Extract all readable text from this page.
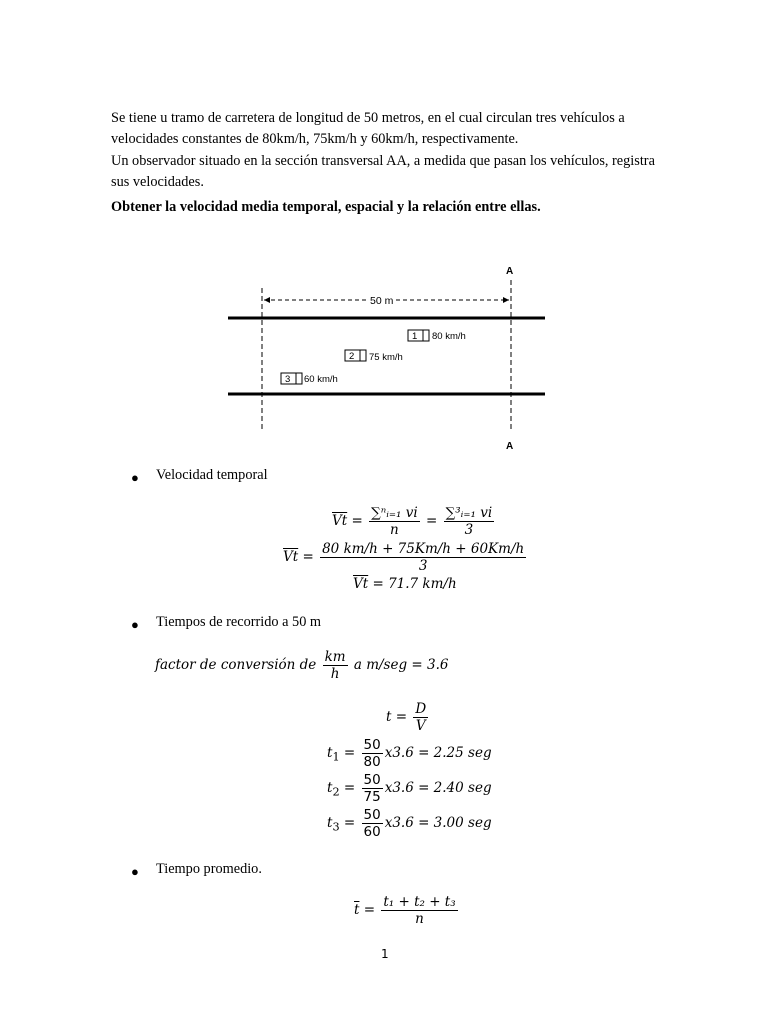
Se tiene u tramo de carretera de longitud de 50 metros, en el cual circulan tres vehículos a velocidades constantes de 80km/h, 75km/h y 60km/h, respectivamente.

Un observador situado en la sección transversal AA, a medida que pasan los vehículos, registra sus velocidades.

Obtener la velocidad media temporal, espacial y la relación entre ellas.

50 m
A
A
1 80 km/h
2 75 km/h
3 60 km/h
● Velocidad temporal
$\overline{Vt} = \frac{\text{∑ⁿᵢ₌₁ vi}}{n} = \frac{\text{∑³ᵢ₌₁ vi}}{3}$
$\overline{Vt} = \frac{80 km/h + 75Km/h + 60Km/h}{3}$
$\overline{Vt} = 71.7$ km/h
● Tiempos de recorrido a 50 m
factor de conversión de $\frac{km}{h}$ a m/seg = 3.6
$t = \frac{D}{V}$
$t_1 = \frac{50}{80} x3.6 = 2.25$ seg
$t_2 = \frac{50}{75} x3.6 = 2.40$ seg
$t_3 = \frac{50}{60} x3.6 = 3.00$ seg
● Tiempo promedio.
$\overline{t} = \frac{\text{t₁ + t₂ + t₃}}{n}$
1
